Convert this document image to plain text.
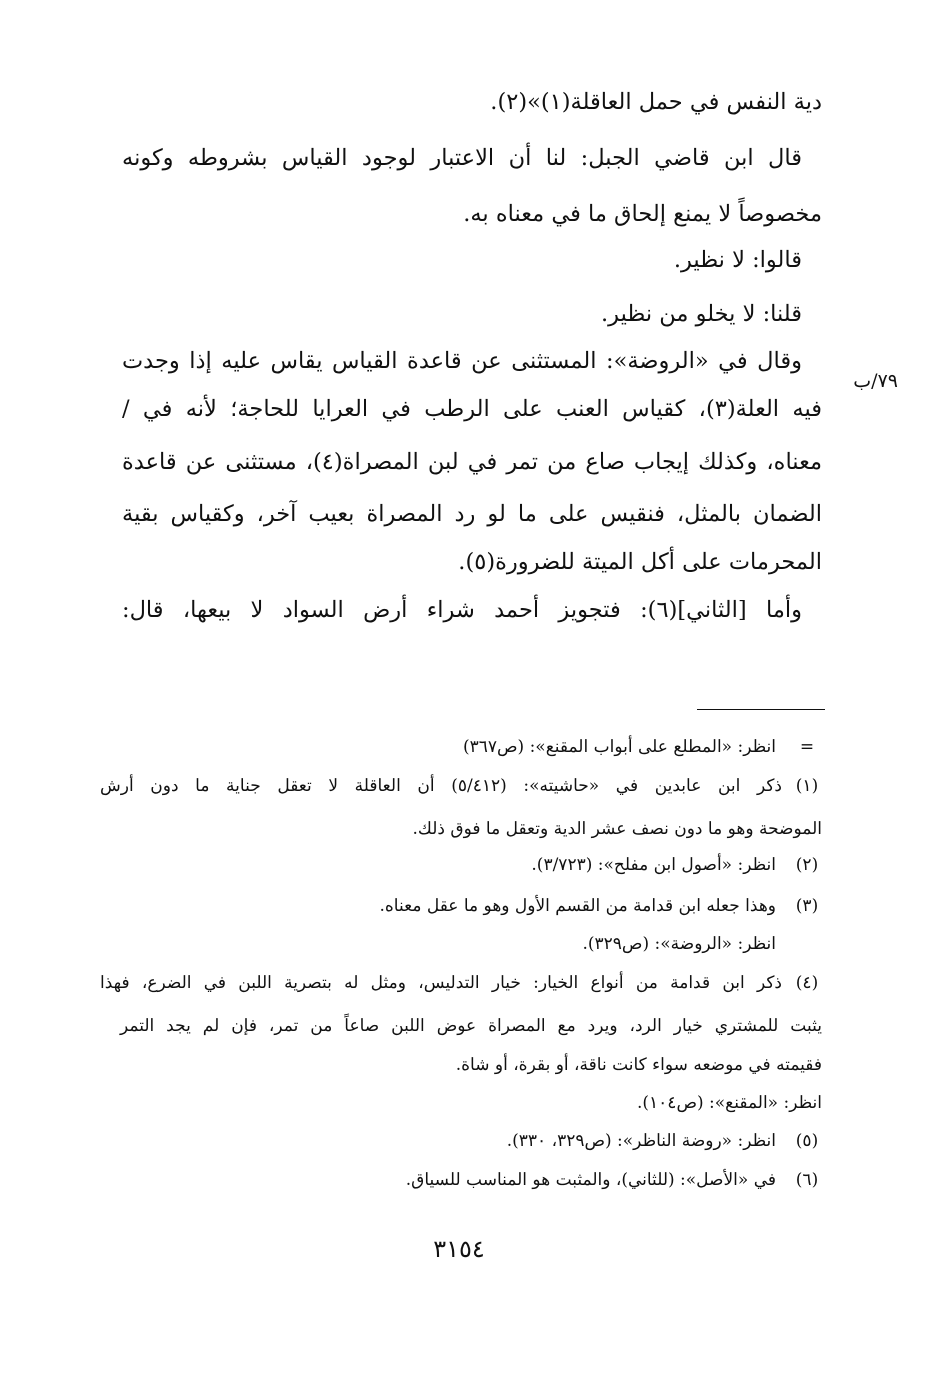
دية النفس في حمل العاقلة(١)»(٢).
قال ابن قاضي الجبل: لنا أن الاعتبار لوجود القياس بشروطه وكونه
مخصوصاً لا يمنع إلحاق ما في معناه به.
قالوا: لا نظير.
قلنا: لا يخلو من نظير.
وقال في «الروضة»: المستثنى عن قاعدة القياس يقاس عليه إذا وجدت
فيه العلة(٣)، كقياس العنب على الرطب في العرايا للحاجة؛ لأنه في /
معناه، وكذلك إيجاب صاع من تمر في لبن المصراة(٤)، مستثنى عن قاعدة
الضمان بالمثل، فنقيس على ما لو رد المصراة بعيب آخر، وكقياس بقية
المحرمات على أكل الميتة للضرورة(٥).
وأما [الثاني](٦): فتجويز أحمد شراء أرض السواد لا بيعها، قال:
٧٩/ب
=
انظر: «المطلع على أبواب المقنع»: (ص٣٦٧)
(١)
ذكر ابن عابدين في «حاشيته»: (٥/٤١٢) أن العاقلة لا تعقل جناية ما دون أرش
الموضحة وهو ما دون نصف عشر الدية وتعقل ما فوق ذلك.
(٢)
انظر: «أصول ابن مفلح»: (٣/٧٢٣).
(٣)
وهذا جعله ابن قدامة من القسم الأول وهو ما عقل معناه.
انظر: «الروضة»: (ص٣٢٩).
(٤)
ذكر ابن قدامة من أنواع الخيار: خيار التدليس، ومثل له بتصرية اللبن في الضرع، فهذا
يثبت للمشتري خيار الرد، ويرد مع المصراة عوض اللبن صاعاً من تمر، فإن لم يجد التمر
فقيمته في موضعه سواء كانت ناقة، أو بقرة، أو شاة.
انظر: «المقنع»: (ص١٠٤).
(٥)
انظر: «روضة الناظر»: (ص٣٢٩، ٣٣٠).
(٦)
في «الأصل»: (للثاني)، والمثبت هو المناسب للسياق.
٣١٥٤
